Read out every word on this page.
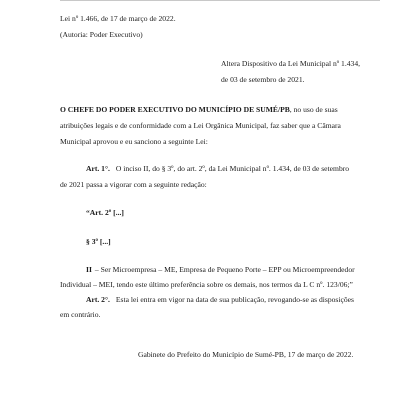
Lei nº 1.466, de 17 de março de 2022.
(Autoria: Poder Executivo)
Altera Dispositivo da Lei Municipal nº 1.434,
de 03 de setembro de 2021.
O CHEFE DO PODER EXECUTIVO DO MUNICÍPIO DE SUMÉ/PB, no uso de suas
atribuições legais e de conformidade com a Lei Orgânica Municipal, faz saber que a Câmara
Municipal aprovou e eu sanciono a seguinte Lei:
Art. 1°. O inciso II, do § 3º, do art. 2º, da Lei Municipal nº. 1.434, de 03 de setembro
de 2021 passa a vigorar com a seguinte redação:
“Art. 2º [...]
§ 3º [...]
II – Ser Microempresa – ME, Empresa de Pequeno Porte – EPP ou Microempreendedor
Individual – MEI, tendo este último preferência sobre os demais, nos termos da L C nº. 123/06;”
Art. 2°. Esta lei entra em vigor na data de sua publicação, revogando-se as disposições
em contrário.
Gabinete do Prefeito do Município de Sumé-PB, 17 de março de 2022.
